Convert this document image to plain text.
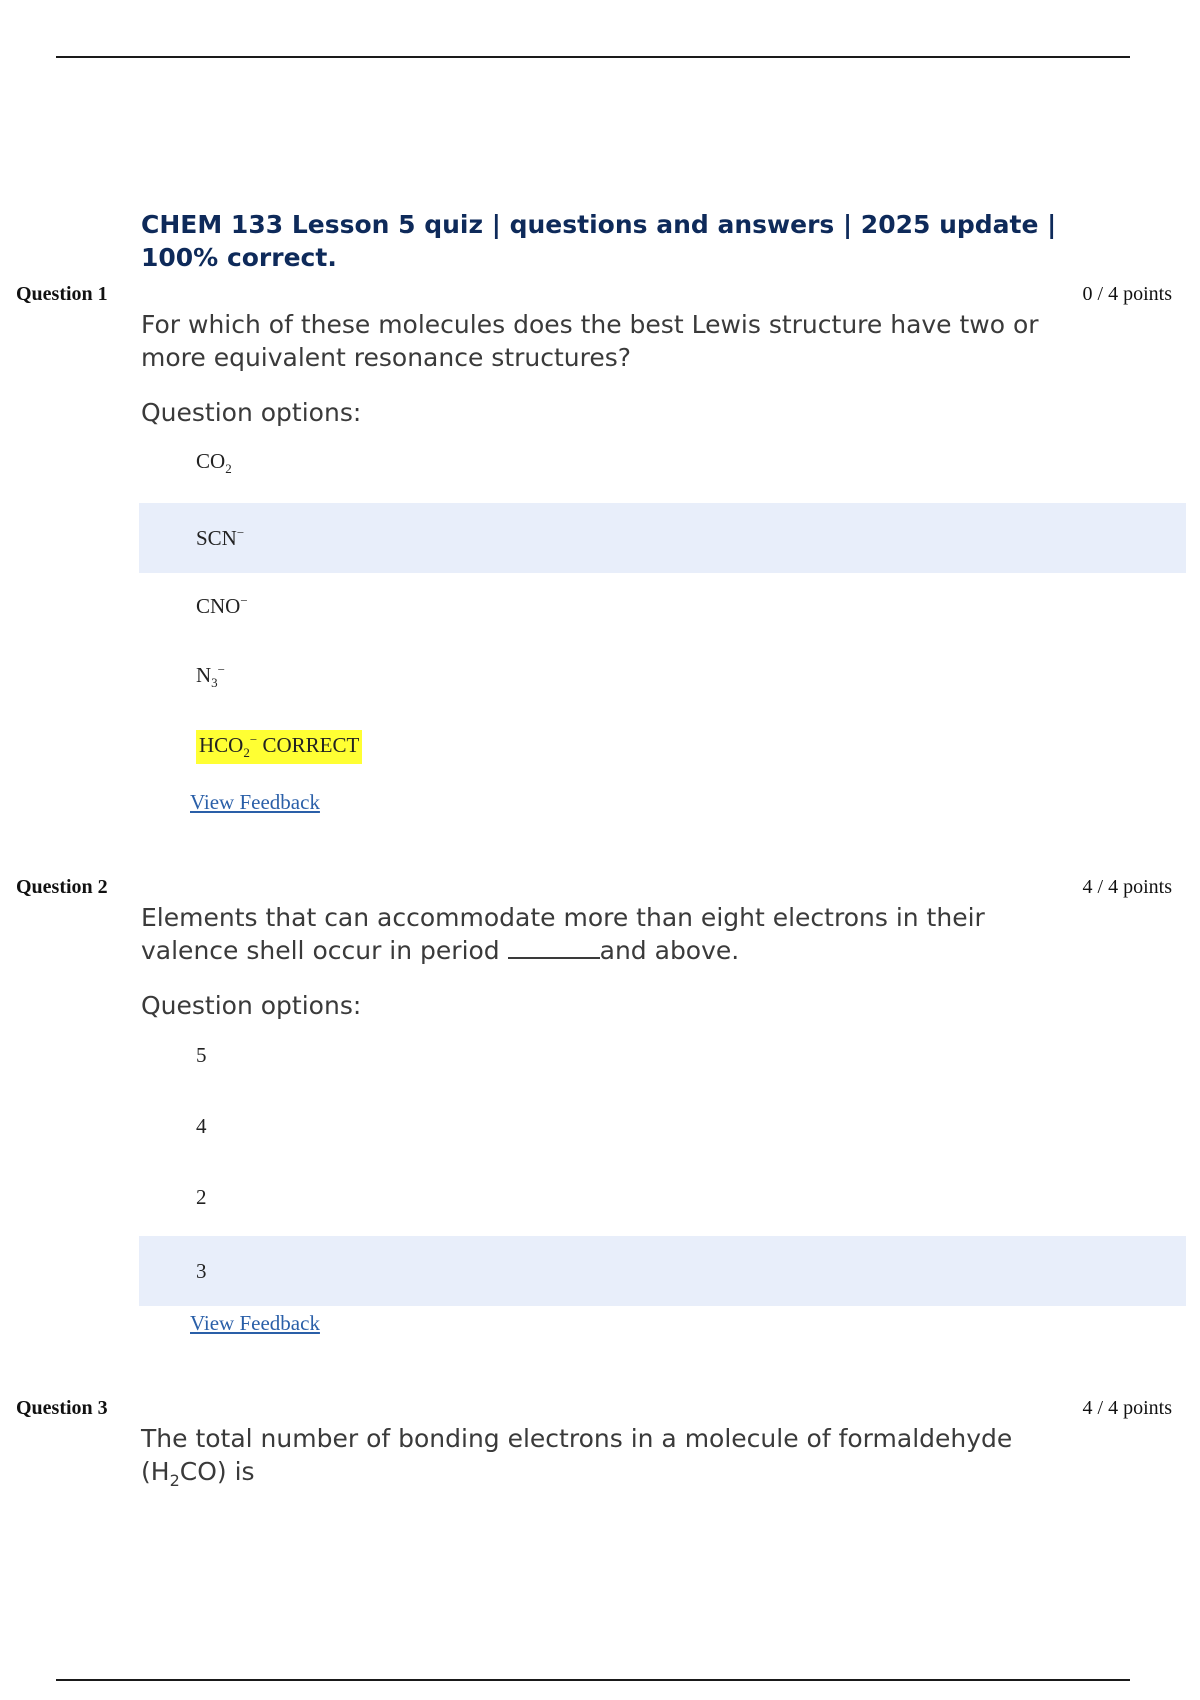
CHEM 133 Lesson 5 quiz | questions and answers | 2025 update | 100% correct.
Question 1	0 / 4 points

For which of these molecules does the best Lewis structure have two or more equivalent resonance structures?

Question options:
$CO_2$
SCN−
CNO−
$N_3^-$
$HCO_2^-$ CORRECT
View Feedback
Question 2	4 / 4 points

Elements that can accommodate more than eight electrons in their valence shell occur in period	and above.

Question options:
5
4
2
3
View Feedback
Question 3	4 / 4 points

The total number of bonding electrons in a molecule of formaldehyde $(H_2CO)$ is
